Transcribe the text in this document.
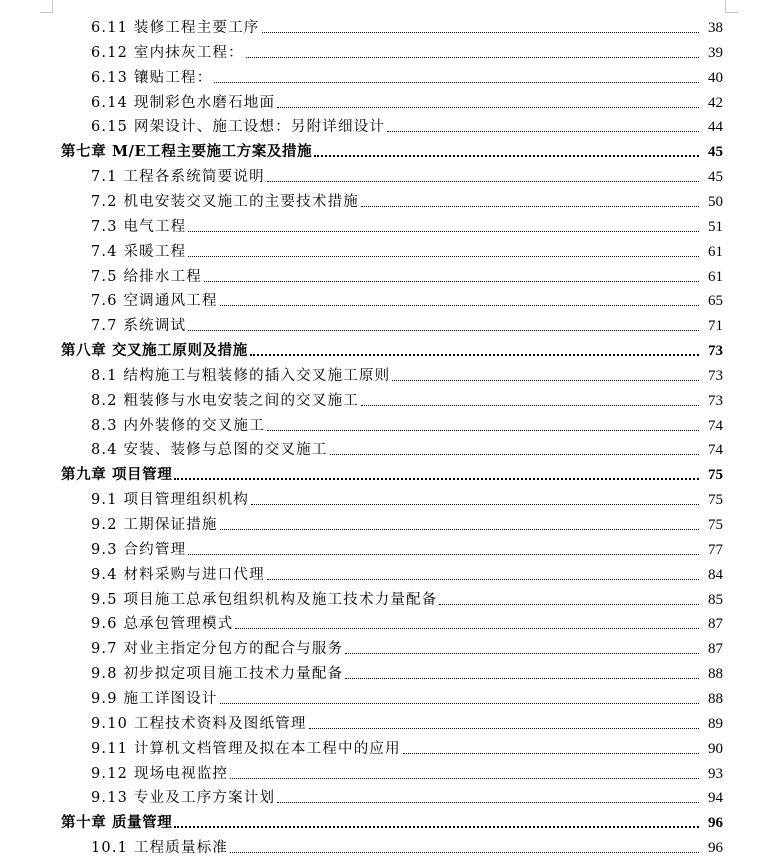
6.11 装修工程主要工序	38
6.12 室内抹灰工程：	39
6.13 镶贴工程：	40
6.14 现制彩色水磨石地面	42
6.15 网架设计、施工设想：另附详细设计	44
第七章 M/E工程主要施工方案及措施	45
7.1 工程各系统简要说明	45
7.2 机电安装交叉施工的主要技术措施	50
7.3 电气工程	51
7.4 采暖工程	61
7.5 给排水工程	61
7.6 空调通风工程	65
7.7 系统调试	71
第八章 交叉施工原则及措施	73
8.1 结构施工与粗装修的插入交叉施工原则	73
8.2 粗装修与水电安装之间的交叉施工	73
8.3 内外装修的交叉施工	74
8.4 安装、装修与总图的交叉施工	74
第九章 项目管理	75
9.1 项目管理组织机构	75
9.2 工期保证措施	75
9.3 合约管理	77
9.4 材料采购与进口代理	84
9.5 项目施工总承包组织机构及施工技术力量配备	85
9.6 总承包管理模式	87
9.7 对业主指定分包方的配合与服务	87
9.8 初步拟定项目施工技术力量配备	88
9.9 施工详图设计	88
9.10 工程技术资料及图纸管理	89
9.11 计算机文档管理及拟在本工程中的应用	90
9.12 现场电视监控	93
9.13 专业及工序方案计划	94
第十章 质量管理	96
10.1 工程质量标准	96
